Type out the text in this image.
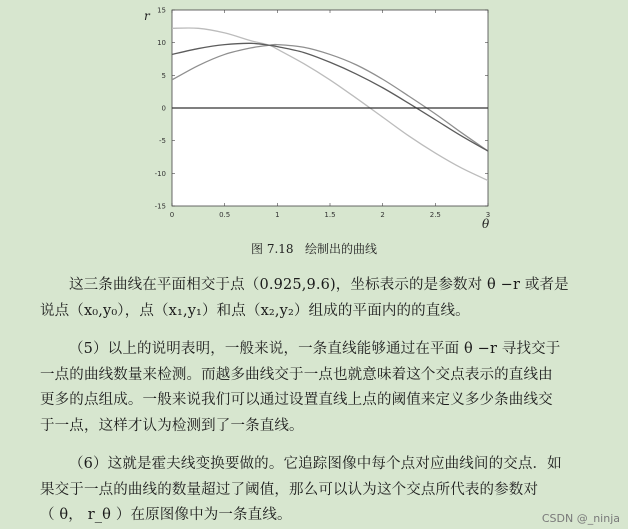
0	0.5	1	1.5	2	2.5	3
15
10
5
0
-5
-10
-15
r
θ
图 7.18   绘制出的曲线
这三条曲线在平面相交于点（0.925,9.6)，坐标表示的是参数对 θ −r 或者是
说点（x₀,y₀），点（x₁,y₁）和点（x₂,y₂）组成的平面内的的直线。
（5）以上的说明表明，一般来说，一条直线能够通过在平面 θ −r 寻找交于
一点的曲线数量来检测。而越多曲线交于一点也就意味着这个交点表示的直线由
更多的点组成。一般来说我们可以通过设置直线上点的阈值来定义多少条曲线交
于一点，这样才认为检测到了一条直线。
（6）这就是霍夫线变换要做的。它追踪图像中每个点对应曲线间的交点．如
果交于一点的曲线的数量超过了阈值，那么可以认为这个交点所代表的参数对
（ θ， r_θ ）在原图像中为一条直线。	CSDN @_ninja
